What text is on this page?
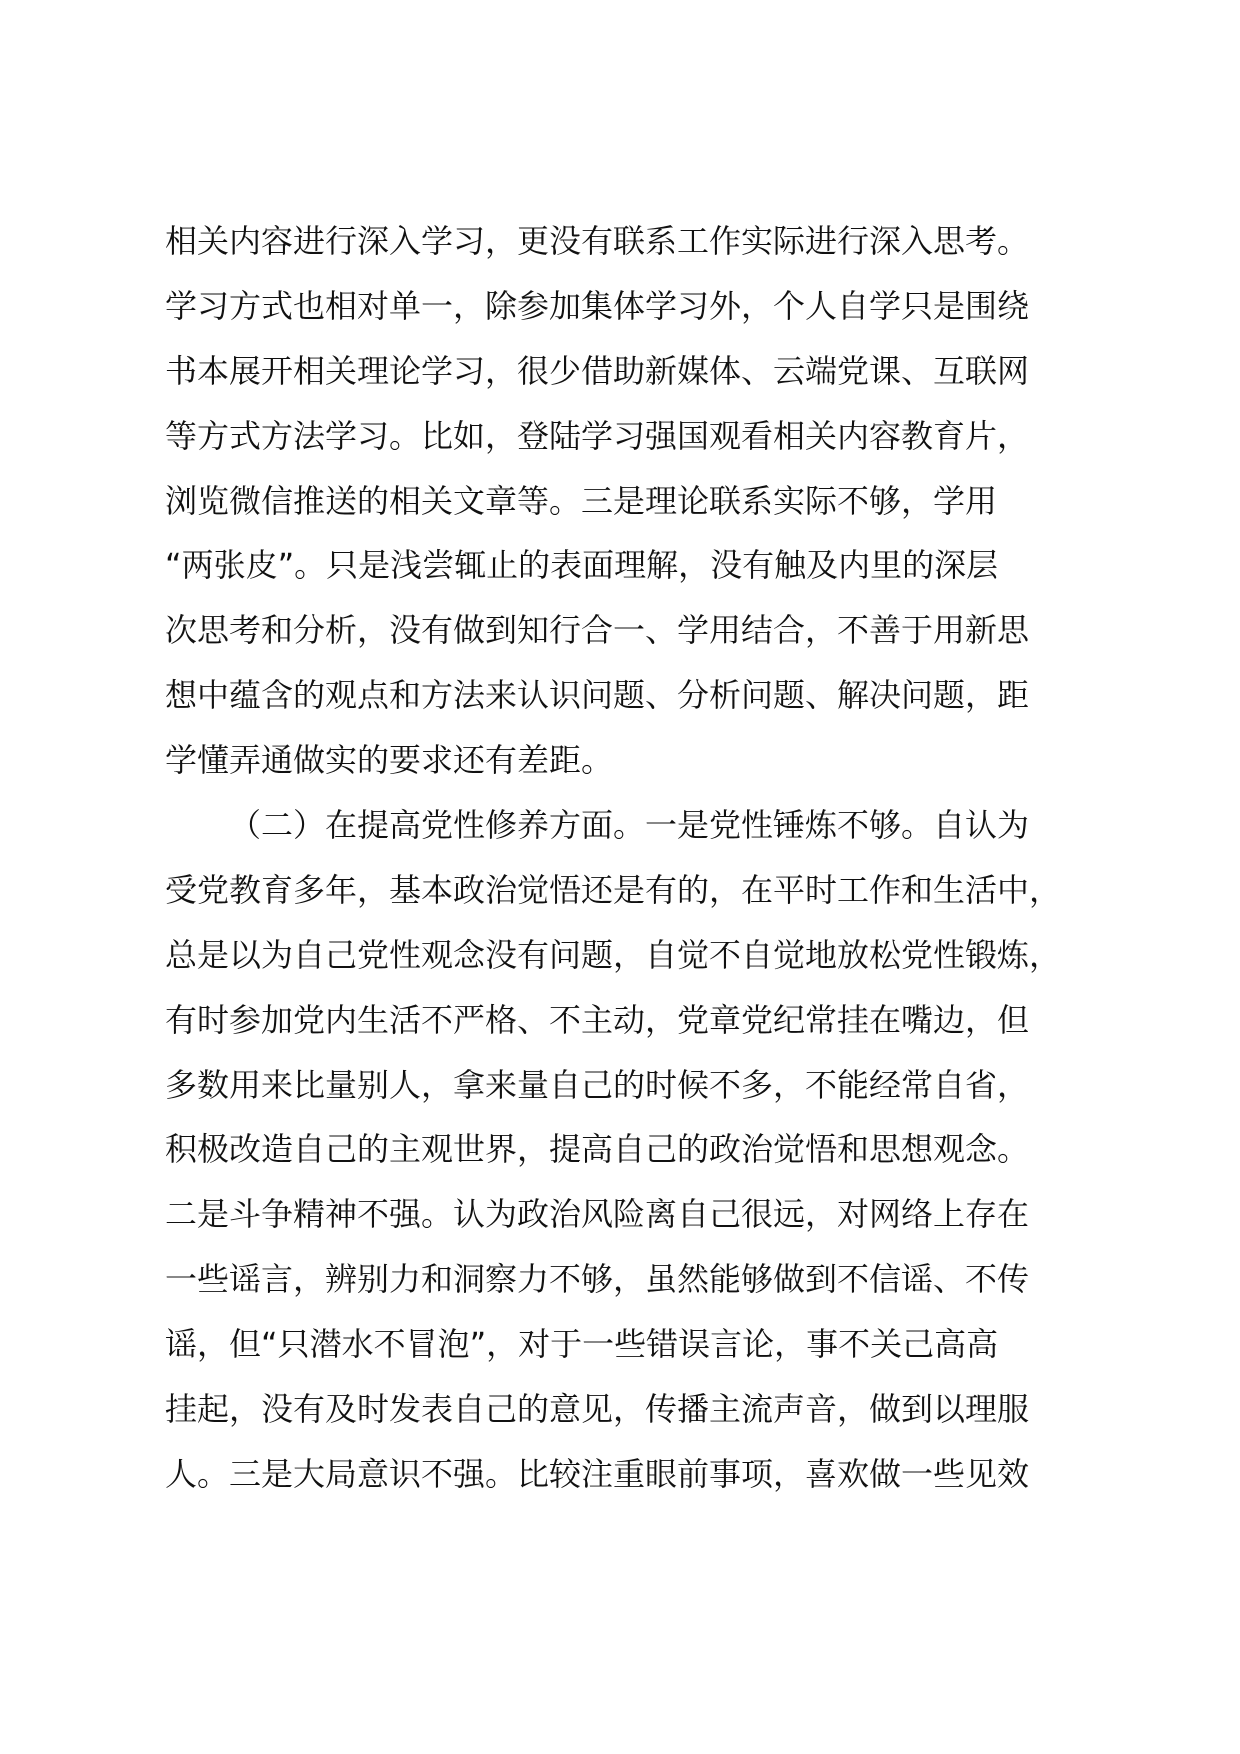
相关内容进行深入学习，更没有联系工作实际进行深入思考。
学习方式也相对单一，除参加集体学习外，个人自学只是围绕
书本展开相关理论学习，很少借助新媒体、云端党课、互联网
等方式方法学习。比如，登陆学习强国观看相关内容教育片，
浏览微信推送的相关文章等。三是理论联系实际不够，学用
“两张皮”。只是浅尝辄止的表面理解，没有触及内里的深层
次思考和分析，没有做到知行合一、学用结合，不善于用新思
想中蕴含的观点和方法来认识问题、分析问题、解决问题，距
学懂弄通做实的要求还有差距。
（二）在提高党性修养方面。一是党性锤炼不够。自认为
受党教育多年，基本政治觉悟还是有的，在平时工作和生活中，
总是以为自己党性观念没有问题，自觉不自觉地放松党性锻炼，
有时参加党内生活不严格、不主动，党章党纪常挂在嘴边，但
多数用来比量别人，拿来量自己的时候不多，不能经常自省，
积极改造自己的主观世界，提高自己的政治觉悟和思想观念。
二是斗争精神不强。认为政治风险离自己很远，对网络上存在
一些谣言，辨别力和洞察力不够，虽然能够做到不信谣、不传
谣，但“只潜水不冒泡”，对于一些错误言论，事不关己高高
挂起，没有及时发表自己的意见，传播主流声音，做到以理服
人。三是大局意识不强。比较注重眼前事项，喜欢做一些见效
